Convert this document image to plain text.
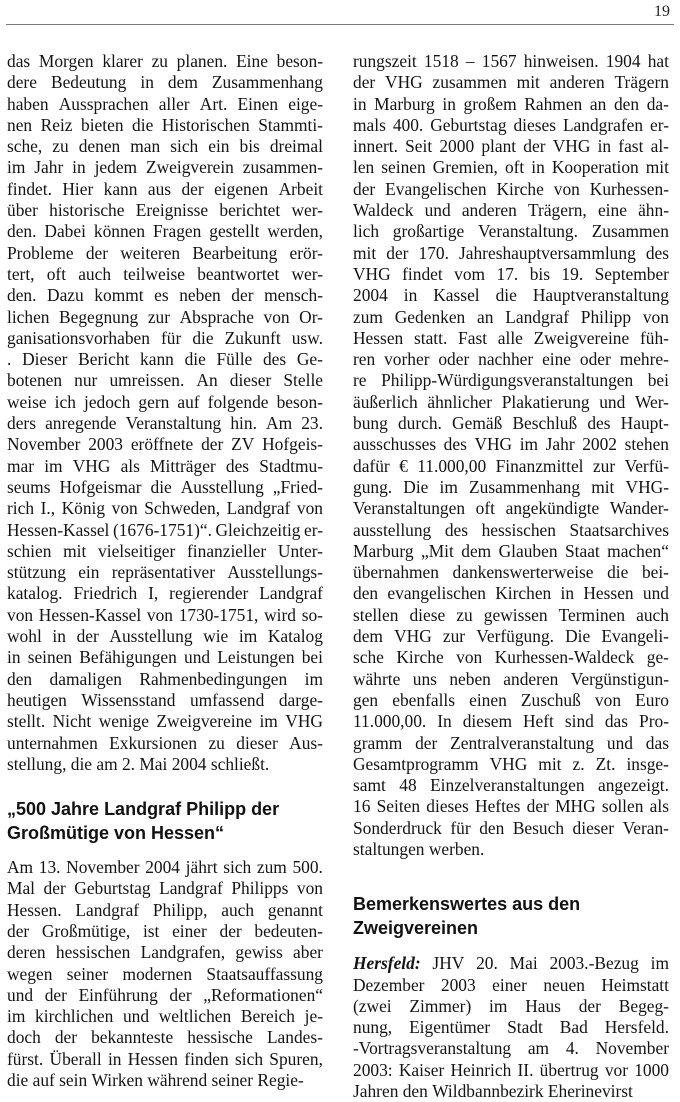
19
das Morgen klarer zu planen. Eine beson-
dere Bedeutung in dem Zusammenhang
haben Aussprachen aller Art. Einen eige-
nen Reiz bieten die Historischen Stammti-
sche, zu denen man sich ein bis dreimal
im Jahr in jedem Zweigverein zusammen-
findet. Hier kann aus der eigenen Arbeit
über historische Ereignisse berichtet wer-
den. Dabei können Fragen gestellt werden,
Probleme der weiteren Bearbeitung erör-
tert, oft auch teilweise beantwortet wer-
den. Dazu kommt es neben der mensch-
lichen Begegnung zur Absprache von Or-
ganisationsvorhaben für die Zukunft usw.
. Dieser Bericht kann die Fülle des Ge-
botenen nur umreissen. An dieser Stelle
weise ich jedoch gern auf folgende beson-
ders anregende Veranstaltung hin. Am 23.
November 2003 eröffnete der ZV Hofgeis-
mar im VHG als Mitträger des Stadtmu-
seums Hofgeismar die Ausstellung „Fried-
rich I., König von Schweden, Landgraf von
Hessen-Kassel (1676-1751)“. Gleichzeitig er-
schien mit vielseitiger finanzieller Unter-
stützung ein repräsentativer Ausstellungs-
katalog. Friedrich I, regierender Landgraf
von Hessen-Kassel von 1730-1751, wird so-
wohl in der Ausstellung wie im Katalog
in seinen Befähigungen und Leistungen bei
den damaligen Rahmenbedingungen im
heutigen Wissensstand umfassend darge-
stellt. Nicht wenige Zweigvereine im VHG
unternahmen Exkursionen zu dieser Aus-
stellung, die am 2. Mai 2004 schließt.
„500 Jahre Landgraf Philipp der
Großmütige von Hessen“
Am 13. November 2004 jährt sich zum 500.
Mal der Geburtstag Landgraf Philipps von
Hessen. Landgraf Philipp, auch genannt
der Großmütige, ist einer der bedeuten-
deren hessischen Landgrafen, gewiss aber
wegen seiner modernen Staatsauffassung
und der Einführung der „Reformationen“
im kirchlichen und weltlichen Bereich je-
doch der bekannteste hessische Landes-
fürst. Überall in Hessen finden sich Spuren,
die auf sein Wirken während seiner Regie-
rungszeit 1518 – 1567 hinweisen. 1904 hat
der VHG zusammen mit anderen Trägern
in Marburg in großem Rahmen an den da-
mals 400. Geburtstag dieses Landgrafen er-
innert. Seit 2000 plant der VHG in fast al-
len seinen Gremien, oft in Kooperation mit
der Evangelischen Kirche von Kurhessen-
Waldeck und anderen Trägern, eine ähn-
lich großartige Veranstaltung. Zusammen
mit der 170. Jahreshauptversammlung des
VHG findet vom 17. bis 19. September
2004 in Kassel die Hauptveranstaltung
zum Gedenken an Landgraf Philipp von
Hessen statt. Fast alle Zweigvereine füh-
ren vorher oder nachher eine oder mehre-
re Philipp-Würdigungsveranstaltungen bei
äußerlich ähnlicher Plakatierung und Wer-
bung durch. Gemäß Beschluß des Haupt-
ausschusses des VHG im Jahr 2002 stehen
dafür € 11.000,00 Finanzmittel zur Verfü-
gung. Die im Zusammenhang mit VHG-
Veranstaltungen oft angekündigte Wander-
ausstellung des hessischen Staatsarchives
Marburg „Mit dem Glauben Staat machen“
übernahmen dankenswerterweise die bei-
den evangelischen Kirchen in Hessen und
stellen diese zu gewissen Terminen auch
dem VHG zur Verfügung. Die Evangeli-
sche Kirche von Kurhessen-Waldeck ge-
währte uns neben anderen Vergünstigun-
gen ebenfalls einen Zuschuß von Euro
11.000,00. In diesem Heft sind das Pro-
gramm der Zentralveranstaltung und das
Gesamtprogramm VHG mit z. Zt. insge-
samt 48 Einzelveranstaltungen angezeigt.
16 Seiten dieses Heftes der MHG sollen als
Sonderdruck für den Besuch dieser Veran-
staltungen werben.
Bemerkenswertes aus den
Zweigvereinen
Hersfeld: JHV 20. Mai 2003.-Bezug im
Dezember 2003 einer neuen Heimstatt
(zwei Zimmer) im Haus der Begeg-
nung, Eigentümer Stadt Bad Hersfeld.
-Vortragsveranstaltung am 4. November
2003: Kaiser Heinrich II. übertrug vor 1000
Jahren den Wildbannbezirk Eherinevirst
